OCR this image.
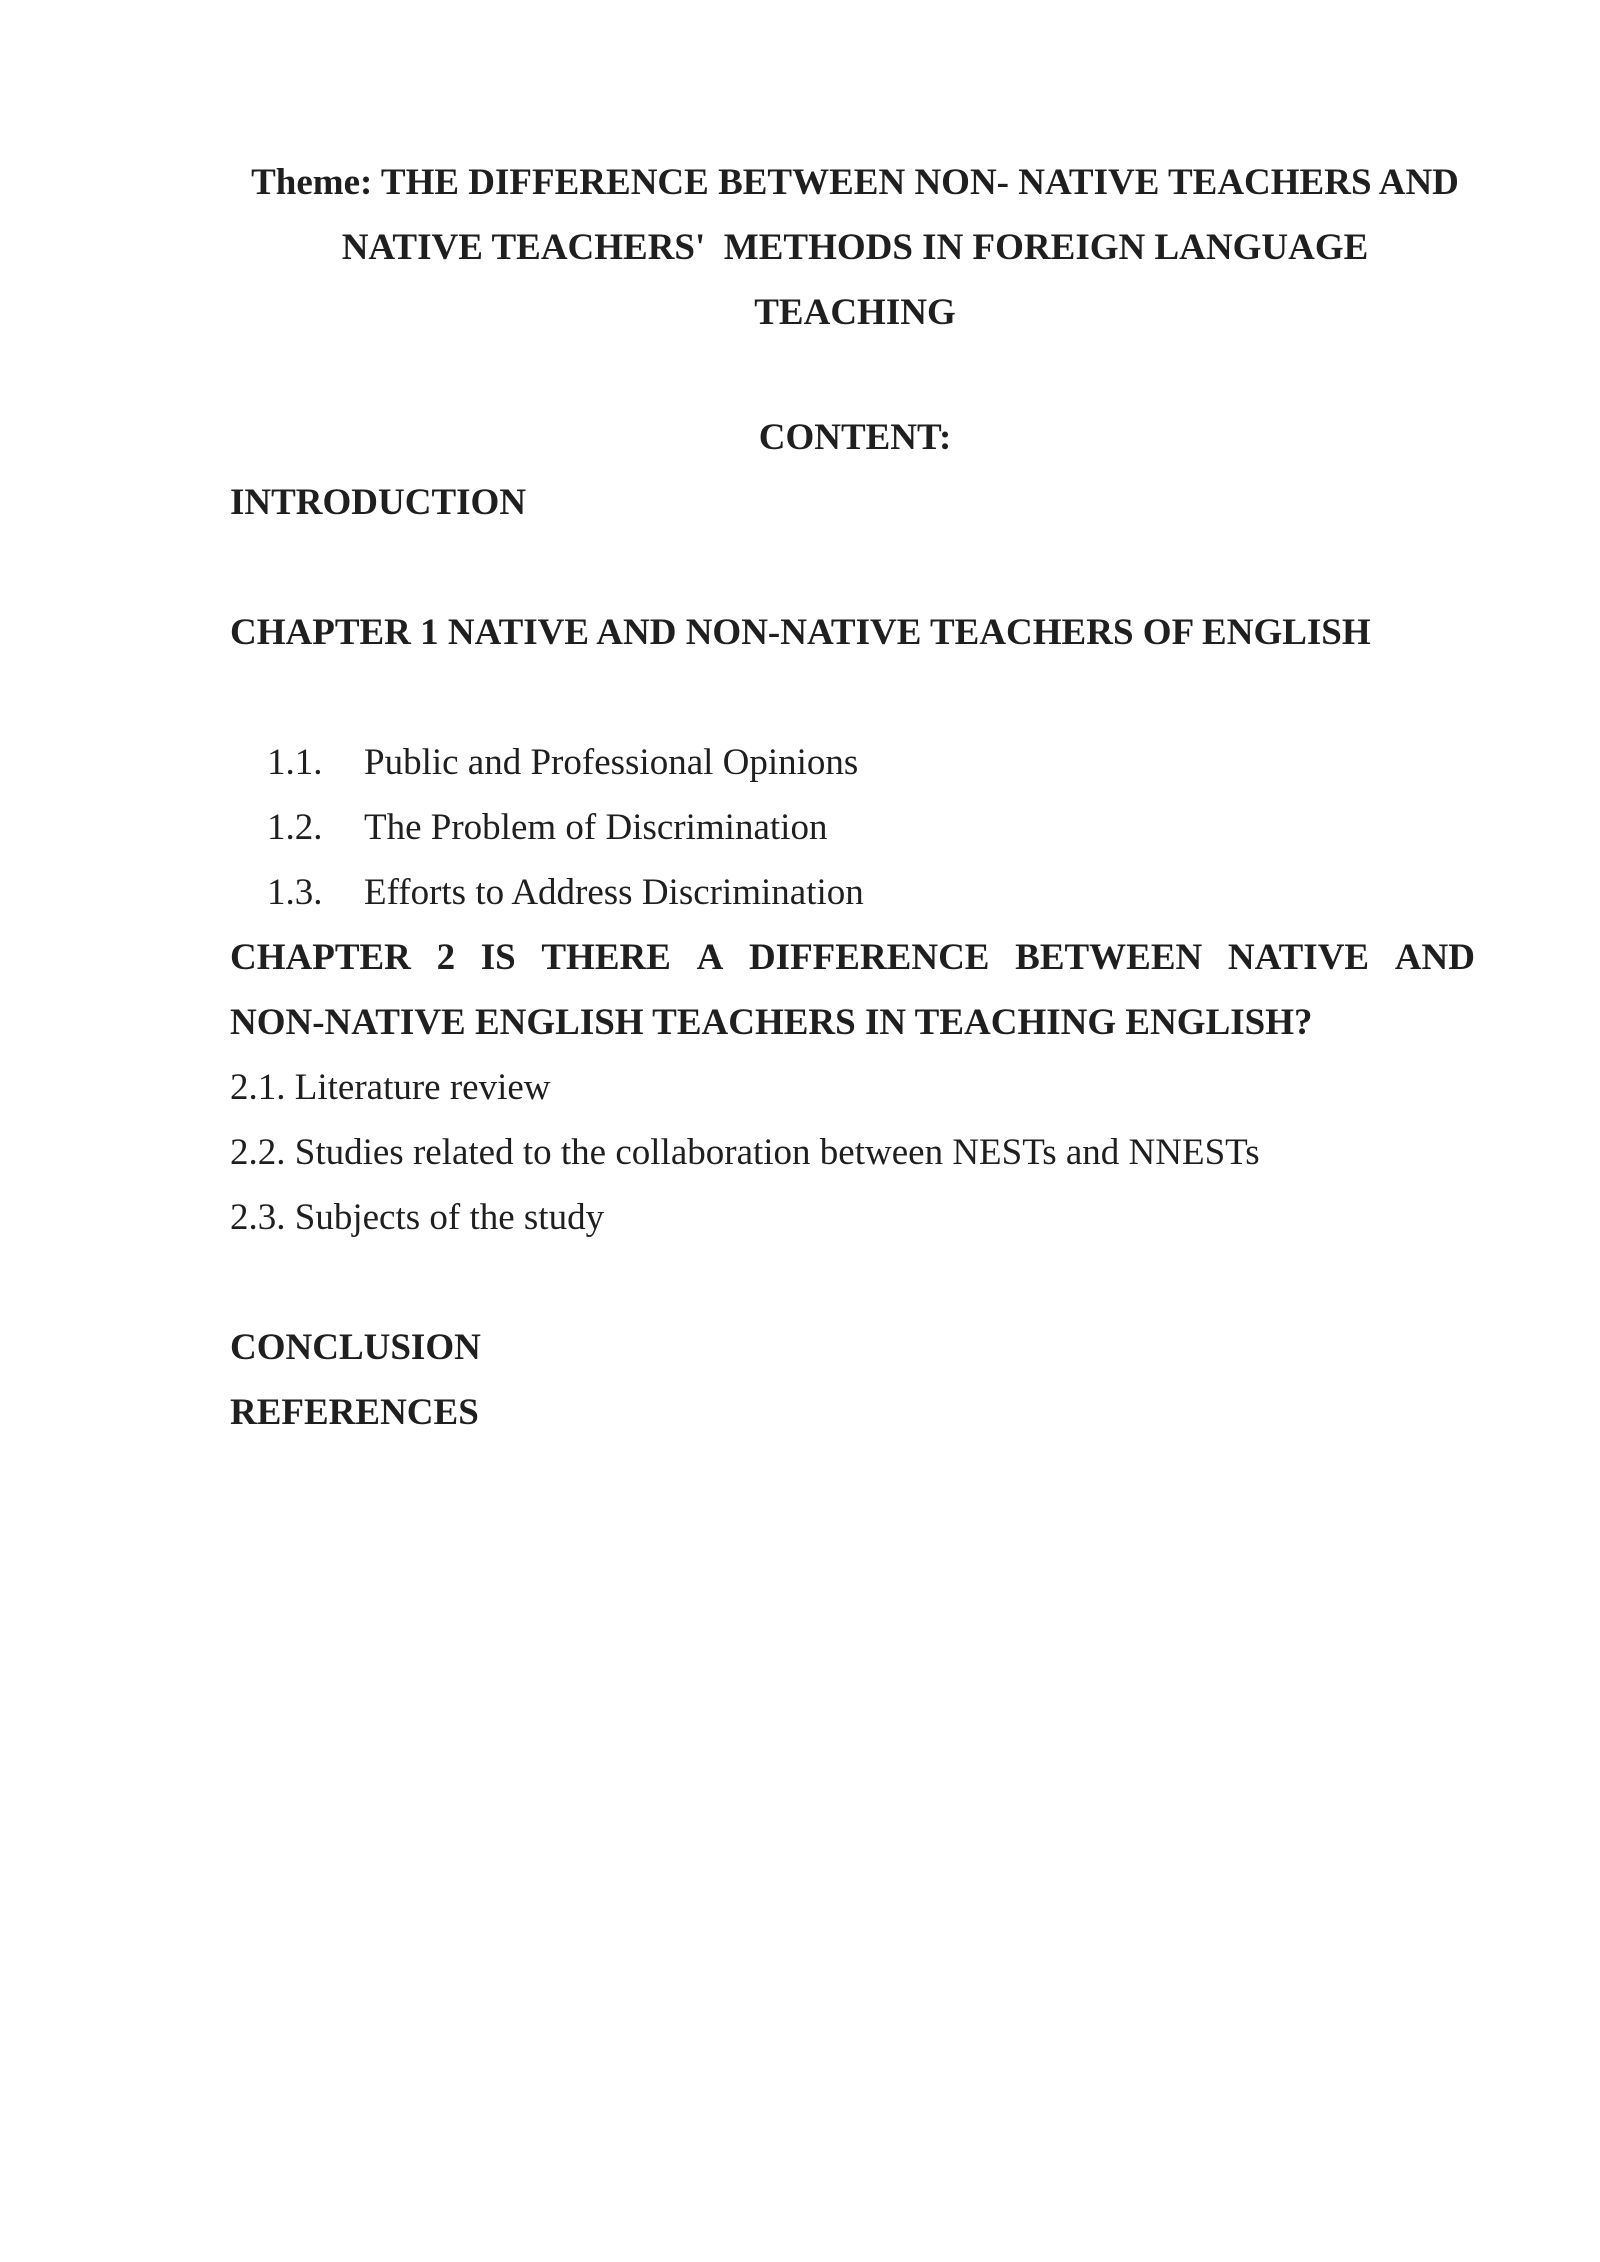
Theme: THE DIFFERENCE BETWEEN NON- NATIVE TEACHERS AND
NATIVE TEACHERS'  METHODS IN FOREIGN LANGUAGE
TEACHING
CONTENT:
INTRODUCTION
CHAPTER 1 NATIVE AND NON-NATIVE TEACHERS OF ENGLISH

1.1. Public and Professional Opinions

1.2. The Problem of Discrimination

1.3. Efforts to Address Discrimination

CHAPTER 2 IS THERE A DIFFERENCE BETWEEN NATIVE AND
NON-NATIVE ENGLISH TEACHERS IN TEACHING ENGLISH?
2.1. Literature review
2.2. Studies related to the collaboration between NESTs and NNESTs
2.3. Subjects of the study
CONCLUSION
REFERENCES
